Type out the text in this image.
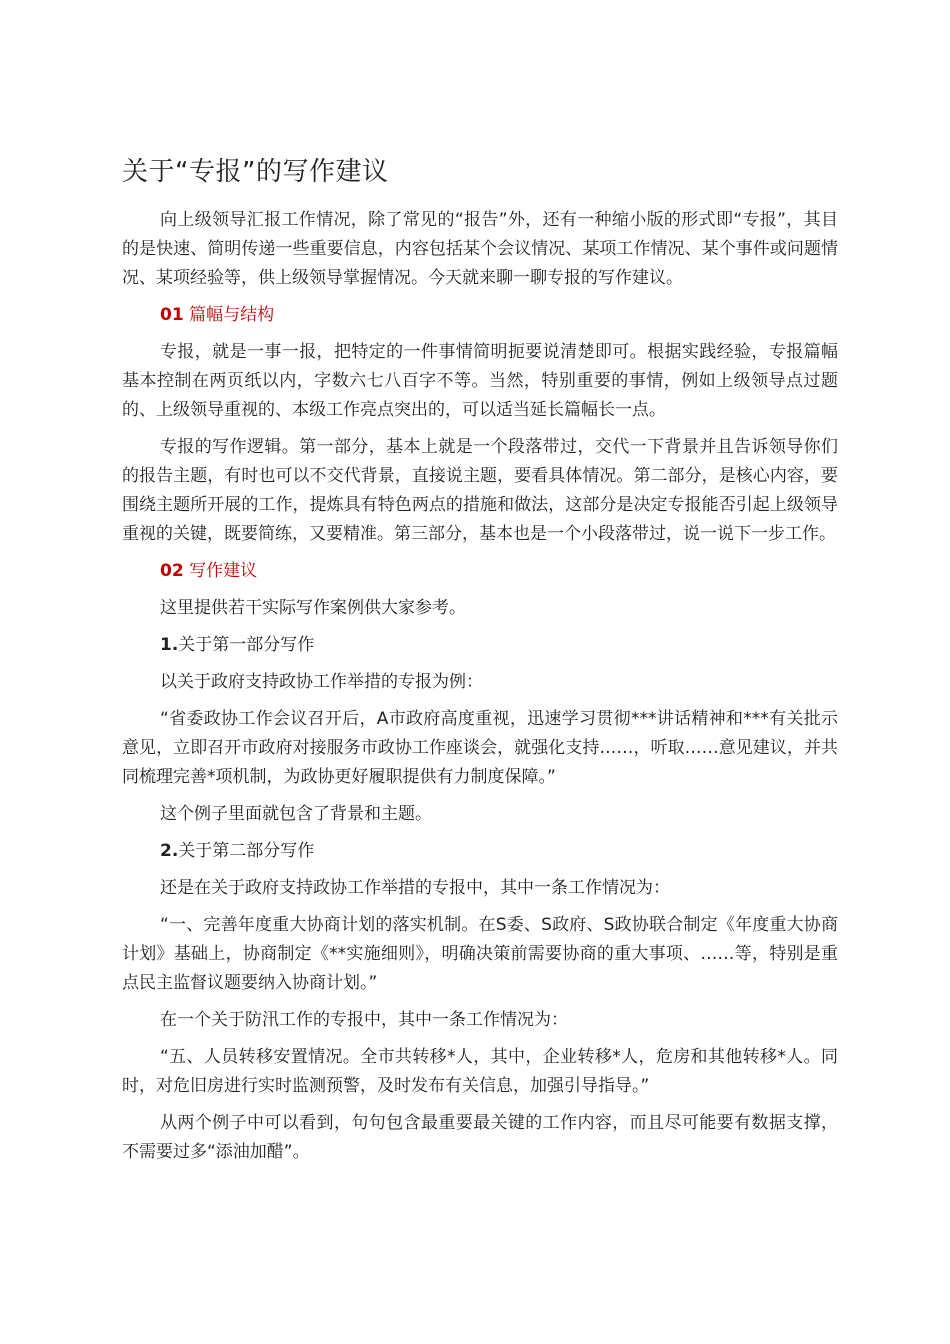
关于“专报”的写作建议

向上级领导汇报工作情况，除了常见的“报告”外，还有一种缩小版的形式即“专报”，其目的是快速、简明传递一些重要信息，内容包括某个会议情况、某项工作情况、某个事件或问题情况、某项经验等，供上级领导掌握情况。今天就来聊一聊专报的写作建议。

01 篇幅与结构

专报，就是一事一报，把特定的一件事情简明扼要说清楚即可。根据实践经验，专报篇幅基本控制在两页纸以内，字数六七八百字不等。当然，特别重要的事情，例如上级领导点过题的、上级领导重视的、本级工作亮点突出的，可以适当延长篇幅长一点。

专报的写作逻辑。第一部分，基本上就是一个段落带过，交代一下背景并且告诉领导你们的报告主题，有时也可以不交代背景，直接说主题，要看具体情况。第二部分，是核心内容，要围绕主题所开展的工作，提炼具有特色两点的措施和做法，这部分是决定专报能否引起上级领导重视的关键，既要简练，又要精准。第三部分，基本也是一个小段落带过，说一说下一步工作。

02 写作建议

这里提供若干实际写作案例供大家参考。

1.关于第一部分写作

以关于政府支持政协工作举措的专报为例：

“省委政协工作会议召开后，A市政府高度重视，迅速学习贯彻***讲话精神和***有关批示意见，立即召开市政府对接服务市政协工作座谈会，就强化支持……，听取……意见建议，并共同梳理完善*项机制，为政协更好履职提供有力制度保障。”

这个例子里面就包含了背景和主题。

2.关于第二部分写作

还是在关于政府支持政协工作举措的专报中，其中一条工作情况为：

“一、完善年度重大协商计划的落实机制。在S委、S政府、S政协联合制定《年度重大协商计划》基础上，协商制定《**实施细则》，明确决策前需要协商的重大事项、……等，特别是重点民主监督议题要纳入协商计划。”

在一个关于防汛工作的专报中，其中一条工作情况为：

“五、人员转移安置情况。全市共转移*人，其中，企业转移*人，危房和其他转移*人。同时，对危旧房进行实时监测预警，及时发布有关信息，加强引导指导。”

从两个例子中可以看到，句句包含最重要最关键的工作内容，而且尽可能要有数据支撑，不需要过多“添油加醋”。
